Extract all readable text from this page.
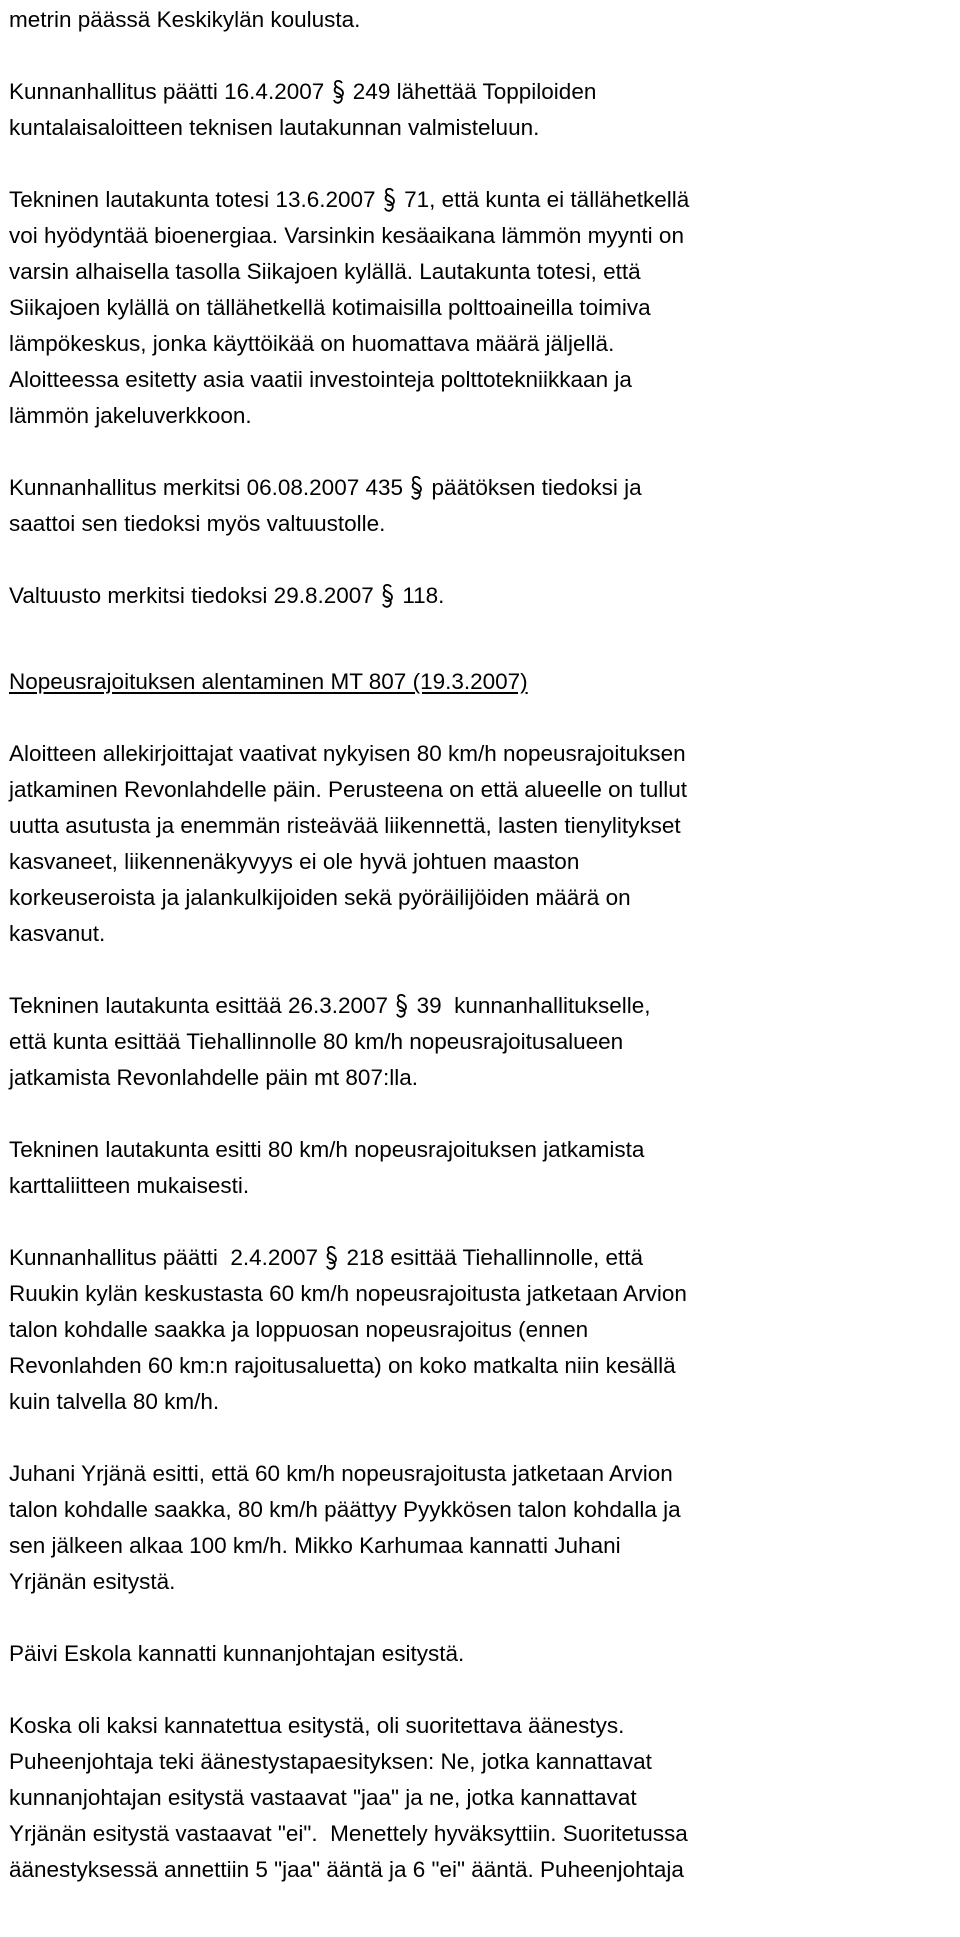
metrin päässä Keskikylän koulusta.

Kunnanhallitus päätti 16.4.2007 249 lähettää Toppiloiden
kuntalaisaloitteen teknisen lautakunnan valmisteluun.

Tekninen lautakunta totesi 13.6.2007 71, että kunta ei tällähetkellä
voi hyödyntää bioenergiaa. Varsinkin kesäaikana lämmön myynti on
varsin alhaisella tasolla Siikajoen kylällä. Lautakunta totesi, että
Siikajoen kylällä on tällähetkellä kotimaisilla polttoaineilla toimiva
lämpökeskus, jonka käyttöikää on huomattava määrä jäljellä.
Aloitteessa esitetty asia vaatii investointeja polttotekniikkaan ja
lämmön jakeluverkkoon.

Kunnanhallitus merkitsi 06.08.2007 435 päätöksen tiedoksi ja
saattoi sen tiedoksi myös valtuustolle.

Valtuusto merkitsi tiedoksi 29.8.2007 118.

Nopeusrajoituksen alentaminen MT 807 (19.3.2007)

Aloitteen allekirjoittajat vaativat nykyisen 80 km/h nopeusrajoituksen
jatkaminen Revonlahdelle päin. Perusteena on että alueelle on tullut
uutta asutusta ja enemmän risteävää liikennettä, lasten tienylitykset
kasvaneet, liikennenäkyvyys ei ole hyvä johtuen maaston
korkeuseroista ja jalankulkijoiden sekä pyöräilijöiden määrä on
kasvanut.

Tekninen lautakunta esittää 26.3.2007 39  kunnanhallitukselle,
että kunta esittää Tiehallinnolle 80 km/h nopeusrajoitusalueen
jatkamista Revonlahdelle päin mt 807:lla.

Tekninen lautakunta esitti 80 km/h nopeusrajoituksen jatkamista
karttaliitteen mukaisesti.

Kunnanhallitus päätti  2.4.2007 218 esittää Tiehallinnolle, että
Ruukin kylän keskustasta 60 km/h nopeusrajoitusta jatketaan Arvion
talon kohdalle saakka ja loppuosan nopeusrajoitus (ennen
Revonlahden 60 km:n rajoitusaluetta) on koko matkalta niin kesällä
kuin talvella 80 km/h.

Juhani Yrjänä esitti, että 60 km/h nopeusrajoitusta jatketaan Arvion
talon kohdalle saakka, 80 km/h päättyy Pyykkösen talon kohdalla ja
sen jälkeen alkaa 100 km/h. Mikko Karhumaa kannatti Juhani
Yrjänän esitystä.

Päivi Eskola kannatti kunnanjohtajan esitystä.

Koska oli kaksi kannatettua esitystä, oli suoritettava äänestys.
Puheenjohtaja teki äänestystapaesityksen: Ne, jotka kannattavat
kunnanjohtajan esitystä vastaavat "jaa" ja ne, jotka kannattavat
Yrjänän esitystä vastaavat "ei".  Menettely hyväksyttiin. Suoritetussa
äänestyksessä annettiin 5 "jaa" ääntä ja 6 "ei" ääntä. Puheenjohtaja
